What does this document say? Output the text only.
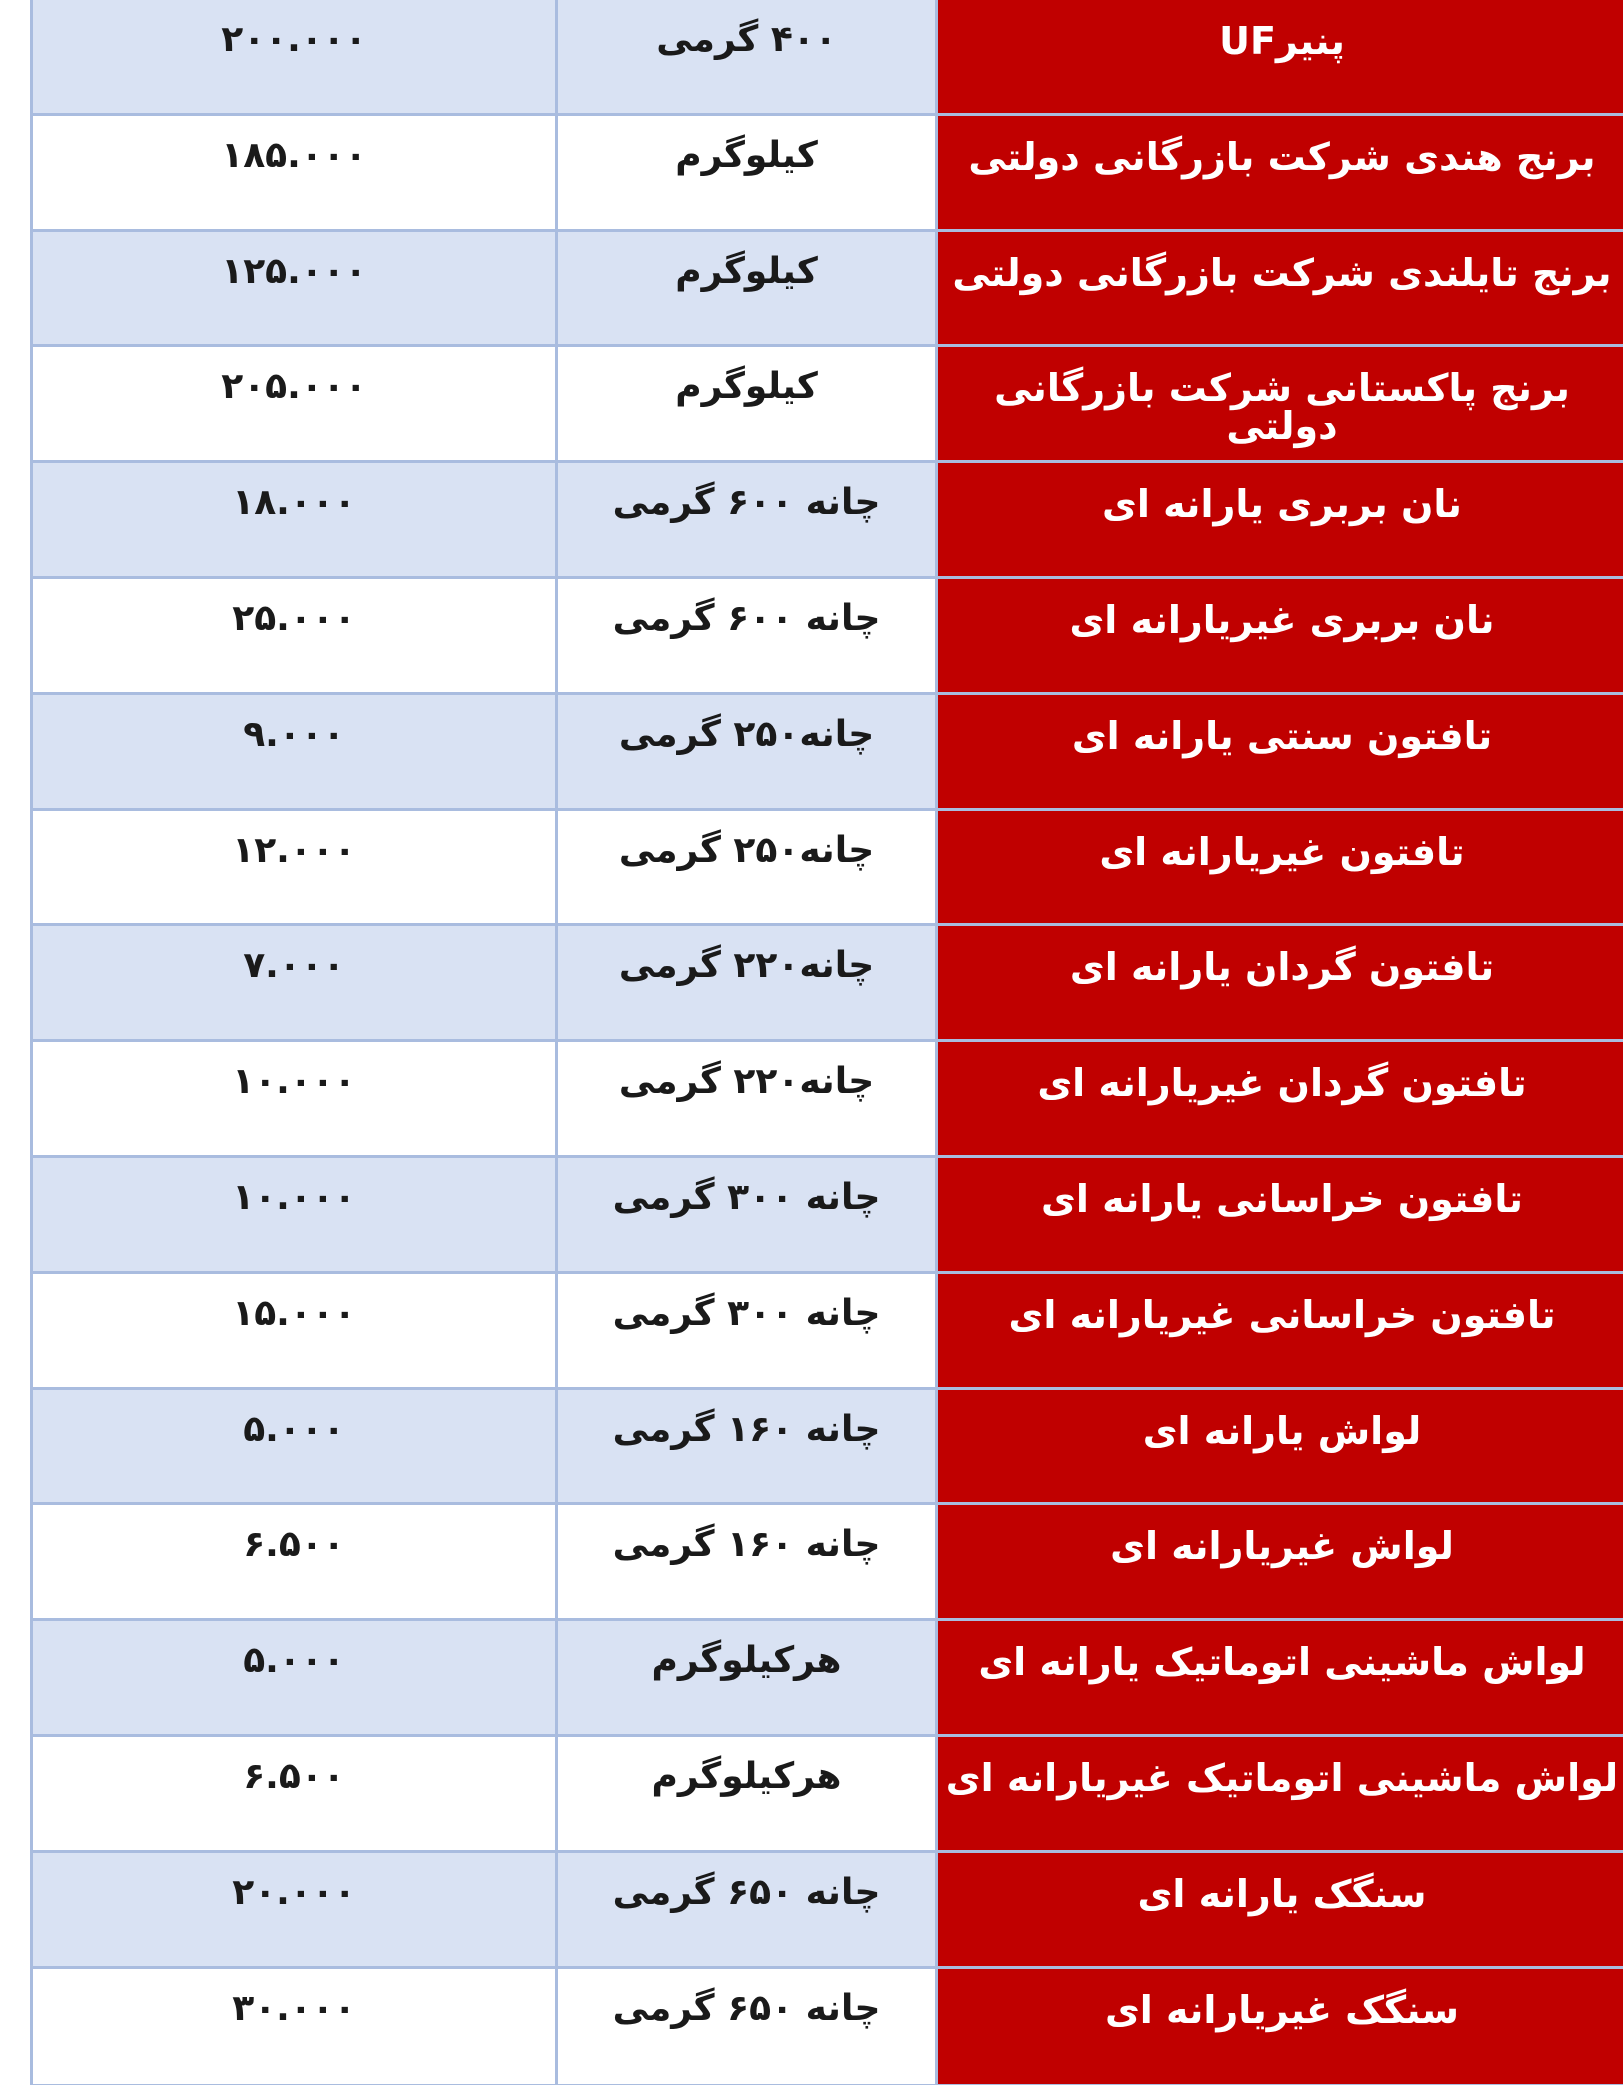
۲۰۰.۰۰۰	۴۰۰ گرمی	پنیرUF
۱۸۵.۰۰۰	کیلوگرم	برنج هندی شرکت بازرگانی دولتی
۱۲۵.۰۰۰	کیلوگرم	برنج تایلندی شرکت بازرگانی دولتی
۲۰۵.۰۰۰	کیلوگرم	برنج پاکستانی شرکت بازرگانی دولتی
۱۸.۰۰۰	چانه ۶۰۰ گرمی	نان بربری یارانه ای
۲۵.۰۰۰	چانه ۶۰۰ گرمی	نان بربری غیریارانه ای
۹.۰۰۰	چانه۲۵۰ گرمی	تافتون سنتی یارانه ای
۱۲.۰۰۰	چانه۲۵۰ گرمی	تافتون غیریارانه ای
۷.۰۰۰	چانه۲۲۰ گرمی	تافتون گردان یارانه ای
۱۰.۰۰۰	چانه۲۲۰ گرمی	تافتون گردان غیریارانه ای
۱۰.۰۰۰	چانه ۳۰۰ گرمی	تافتون خراسانی یارانه ای
۱۵.۰۰۰	چانه ۳۰۰ گرمی	تافتون خراسانی غیریارانه ای
۵.۰۰۰	چانه ۱۶۰ گرمی	لواش یارانه ای
۶.۵۰۰	چانه ۱۶۰ گرمی	لواش غیریارانه ای
۵.۰۰۰	هرکیلوگرم	لواش ماشینی اتوماتیک یارانه ای
۶.۵۰۰	هرکیلوگرم	لواش ماشینی اتوماتیک غیریارانه ای
۲۰.۰۰۰	چانه ۶۵۰ گرمی	سنگک یارانه ای
۳۰.۰۰۰	چانه ۶۵۰ گرمی	سنگک غیریارانه ای
